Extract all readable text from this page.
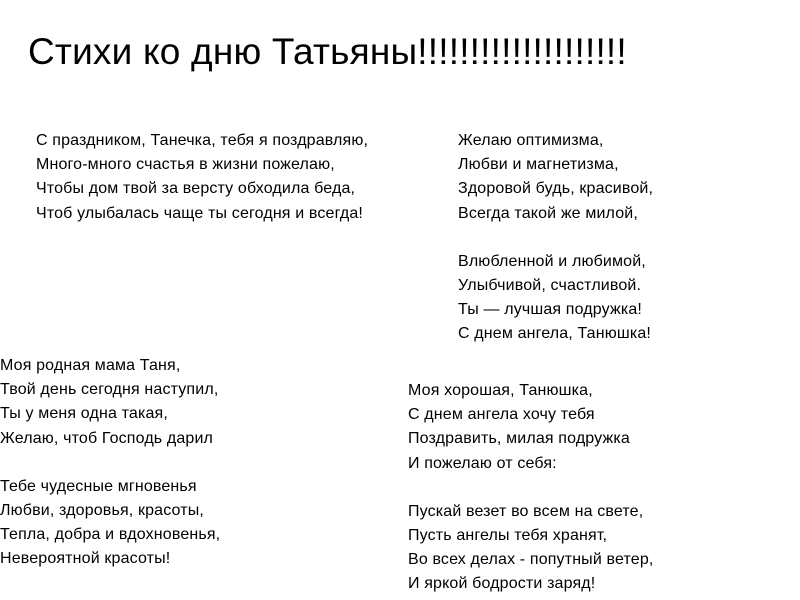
Стихи ко дню Татьяны!!!!!!!!!!!!!!!!!!!!
С праздником, Танечка, тебя я поздравляю,
Много-много счастья в жизни пожелаю,
Чтобы дом твой за версту обходила беда,
Чтоб улыбалась чаще ты сегодня и всегда!
Желаю оптимизма,
Любви и магнетизма,
Здоровой будь, красивой,
Всегда такой же милой,
Влюбленной и любимой,
Улыбчивой, счастливой.
Ты — лучшая подружка!
С днем ангела, Танюшка!
Моя родная мама Таня,
Твой день сегодня наступил,
Ты у меня одна такая,
Желаю, чтоб Господь дарил
Тебе чудесные мгновенья
Любви, здоровья, красоты,
Тепла, добра и вдохновенья,
Невероятной красоты!
Моя хорошая, Танюшка,
С днем ангела хочу тебя
Поздравить, милая подружка
И пожелаю от себя:
Пускай везет во всем на свете,
Пусть ангелы тебя хранят,
Во всех делах - попутный ветер,
И яркой бодрости заряд!
